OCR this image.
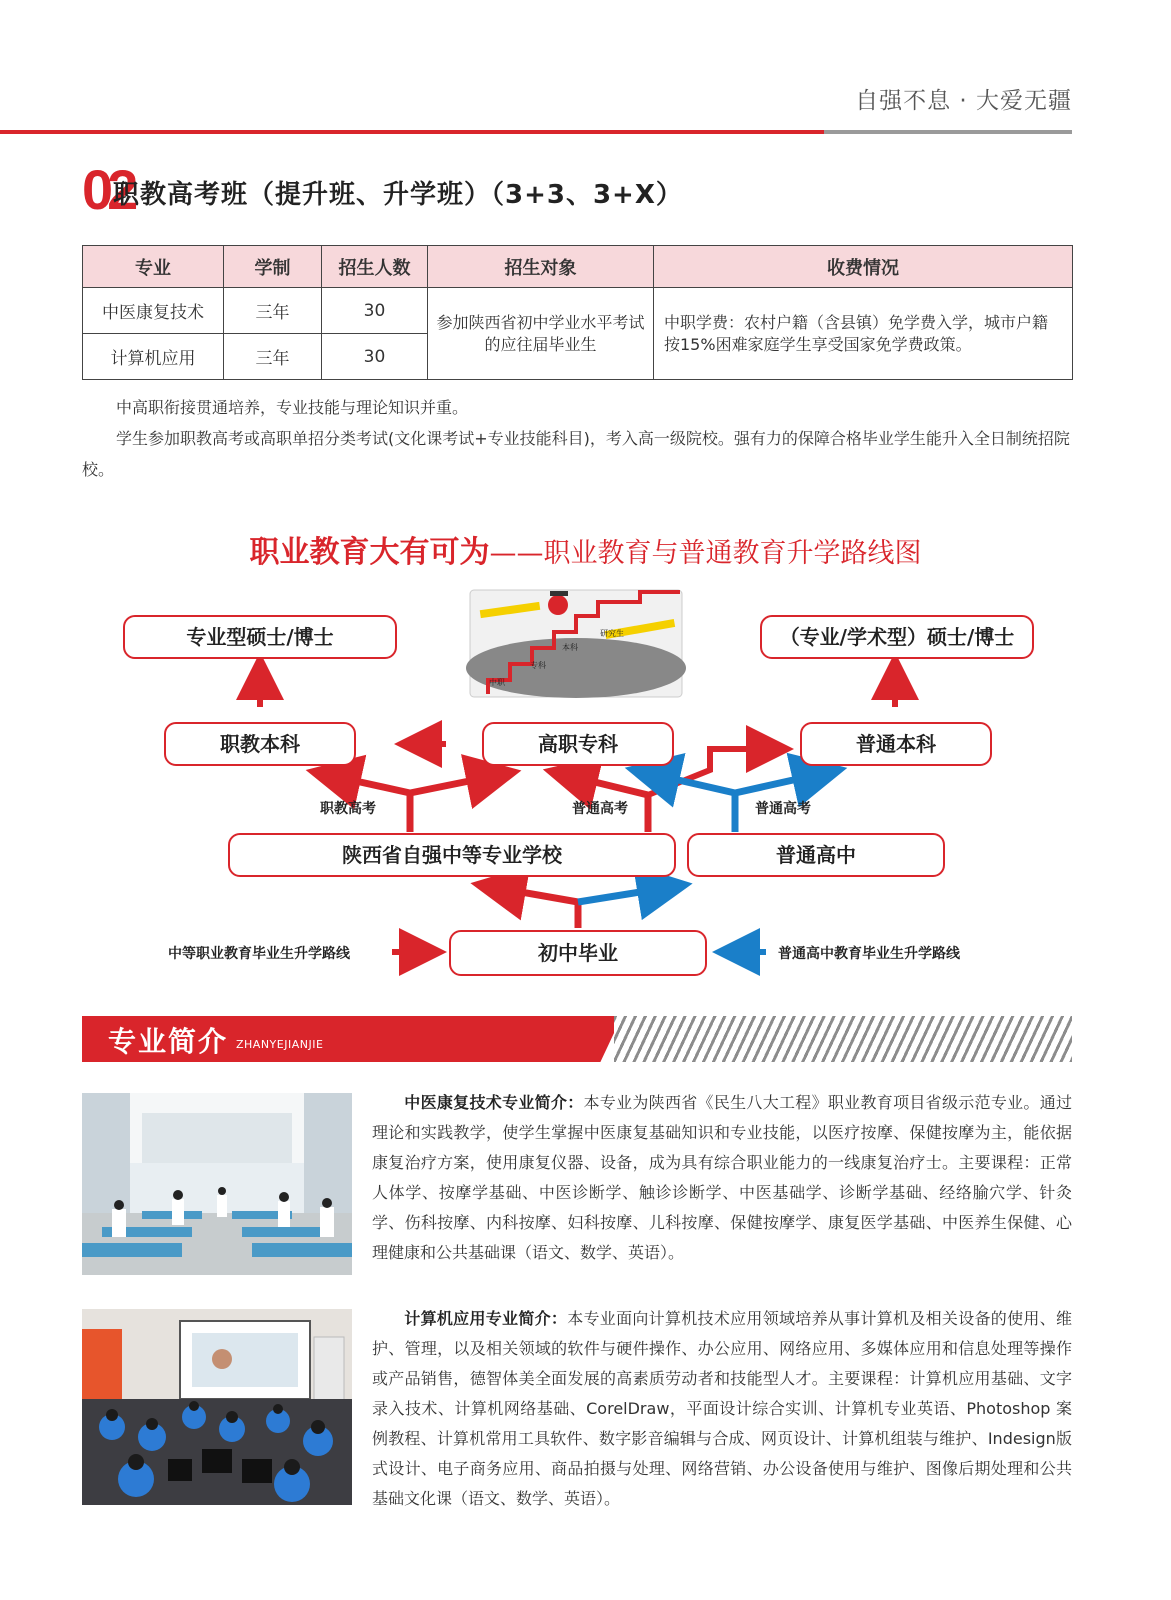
自强不息 · 大爱无疆
02
职教高考班（提升班、升学班）（3+3、3+X）
专业	学制	招生人数	招生对象	收费情况
中医康复技术	三年	30	参加陕西省初中学业水平考试的应往届毕业生	中职学费：农村户籍（含县镇）免学费入学，城市户籍按15%困难家庭学生享受国家免学费政策。
计算机应用	三年	30		

中高职衔接贯通培养，专业技能与理论知识并重。

学生参加职教高考或高职单招分类考试(文化课考试+专业技能科目)，考入高一级院校。强有力的保障合格毕业学生能升入全日制统招院校。

职业教育大有可为——职业教育与普通教育升学路线图
中职
专科
本科
研究生
专业型硕士/博士	（专业/学术型）硕士/博士
职教本科	高职专科	普通本科
陕西省自强中等专业学校	普通高中
初中毕业
职教高考	普通高考	普通高考
中等职业教育毕业生升学路线	普通高中教育毕业生升学路线
专业简介 ZHANYEJIANJIE
中医康复技术专业简介：本专业为陕西省《民生八大工程》职业教育项目省级示范专业。通过理论和实践教学，使学生掌握中医康复基础知识和专业技能，以医疗按摩、保健按摩为主，能依据康复治疗方案，使用康复仪器、设备，成为具有综合职业能力的一线康复治疗士。主要课程：正常人体学、按摩学基础、中医诊断学、触诊诊断学、中医基础学、诊断学基础、经络腧穴学、针灸学、伤科按摩、内科按摩、妇科按摩、儿科按摩、保健按摩学、康复医学基础、中医养生保健、心理健康和公共基础课（语文、数学、英语）。
计算机应用专业简介：本专业面向计算机技术应用领域培养从事计算机及相关设备的使用、维护、管理，以及相关领域的软件与硬件操作、办公应用、网络应用、多媒体应用和信息处理等操作或产品销售，德智体美全面发展的高素质劳动者和技能型人才。主要课程：计算机应用基础、文字录入技术、计算机网络基础、CorelDraw，平面设计综合实训、计算机专业英语、Photoshop 案例教程、计算机常用工具软件、数字影音编辑与合成、网页设计、计算机组装与维护、Indesign版式设计、电子商务应用、商品拍摄与处理、网络营销、办公设备使用与维护、图像后期处理和公共基础文化课（语文、数学、英语）。
